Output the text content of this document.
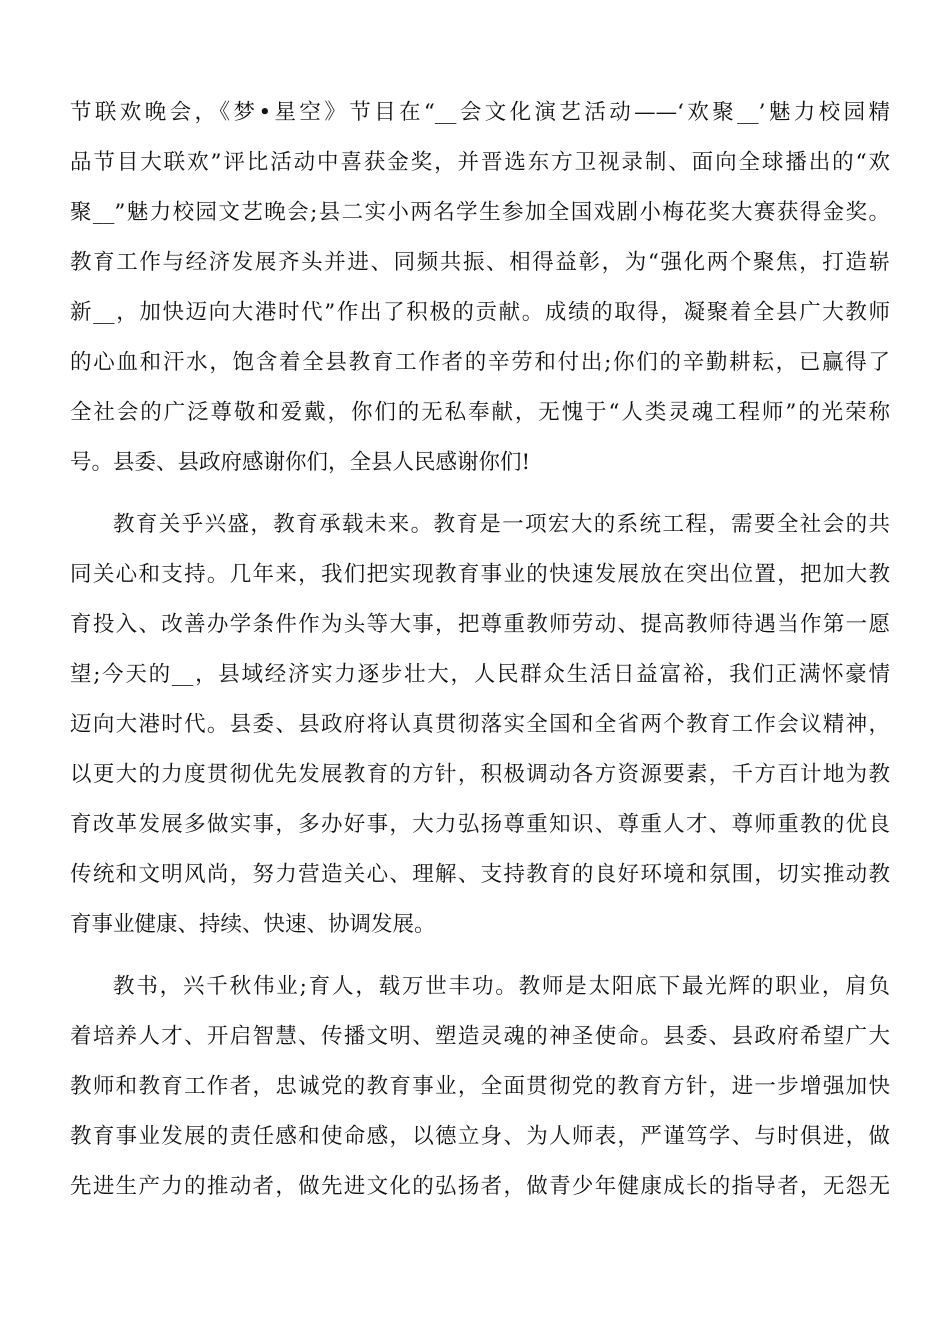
节联欢晚会，《梦•星空》节目在“__会文化演艺活动——‘欢聚__’魅力校园精
品节目大联欢”评比活动中喜获金奖，并晋选东方卫视录制、面向全球播出的“欢
聚__”魅力校园文艺晚会;县二实小两名学生参加全国戏剧小梅花奖大赛获得金奖。
教育工作与经济发展齐头并进、同频共振、相得益彰，为“强化两个聚焦，打造崭
新__，加快迈向大港时代”作出了积极的贡献。成绩的取得，凝聚着全县广大教师
的心血和汗水，饱含着全县教育工作者的辛劳和付出;你们的辛勤耕耘，已赢得了
全社会的广泛尊敬和爱戴，你们的无私奉献，无愧于“人类灵魂工程师”的光荣称
号。县委、县政府感谢你们，全县人民感谢你们!
教育关乎兴盛，教育承载未来。教育是一项宏大的系统工程，需要全社会的共
同关心和支持。几年来，我们把实现教育事业的快速发展放在突出位置，把加大教
育投入、改善办学条件作为头等大事，把尊重教师劳动、提高教师待遇当作第一愿
望;今天的__，县域经济实力逐步壮大，人民群众生活日益富裕，我们正满怀豪情
迈向大港时代。县委、县政府将认真贯彻落实全国和全省两个教育工作会议精神，
以更大的力度贯彻优先发展教育的方针，积极调动各方资源要素，千方百计地为教
育改革发展多做实事，多办好事，大力弘扬尊重知识、尊重人才、尊师重教的优良
传统和文明风尚，努力营造关心、理解、支持教育的良好环境和氛围，切实推动教
育事业健康、持续、快速、协调发展。
教书，兴千秋伟业;育人，载万世丰功。教师是太阳底下最光辉的职业，肩负
着培养人才、开启智慧、传播文明、塑造灵魂的神圣使命。县委、县政府希望广大
教师和教育工作者，忠诚党的教育事业，全面贯彻党的教育方针，进一步增强加快
教育事业发展的责任感和使命感，以德立身、为人师表，严谨笃学、与时俱进，做
先进生产力的推动者，做先进文化的弘扬者，做青少年健康成长的指导者，无怨无
